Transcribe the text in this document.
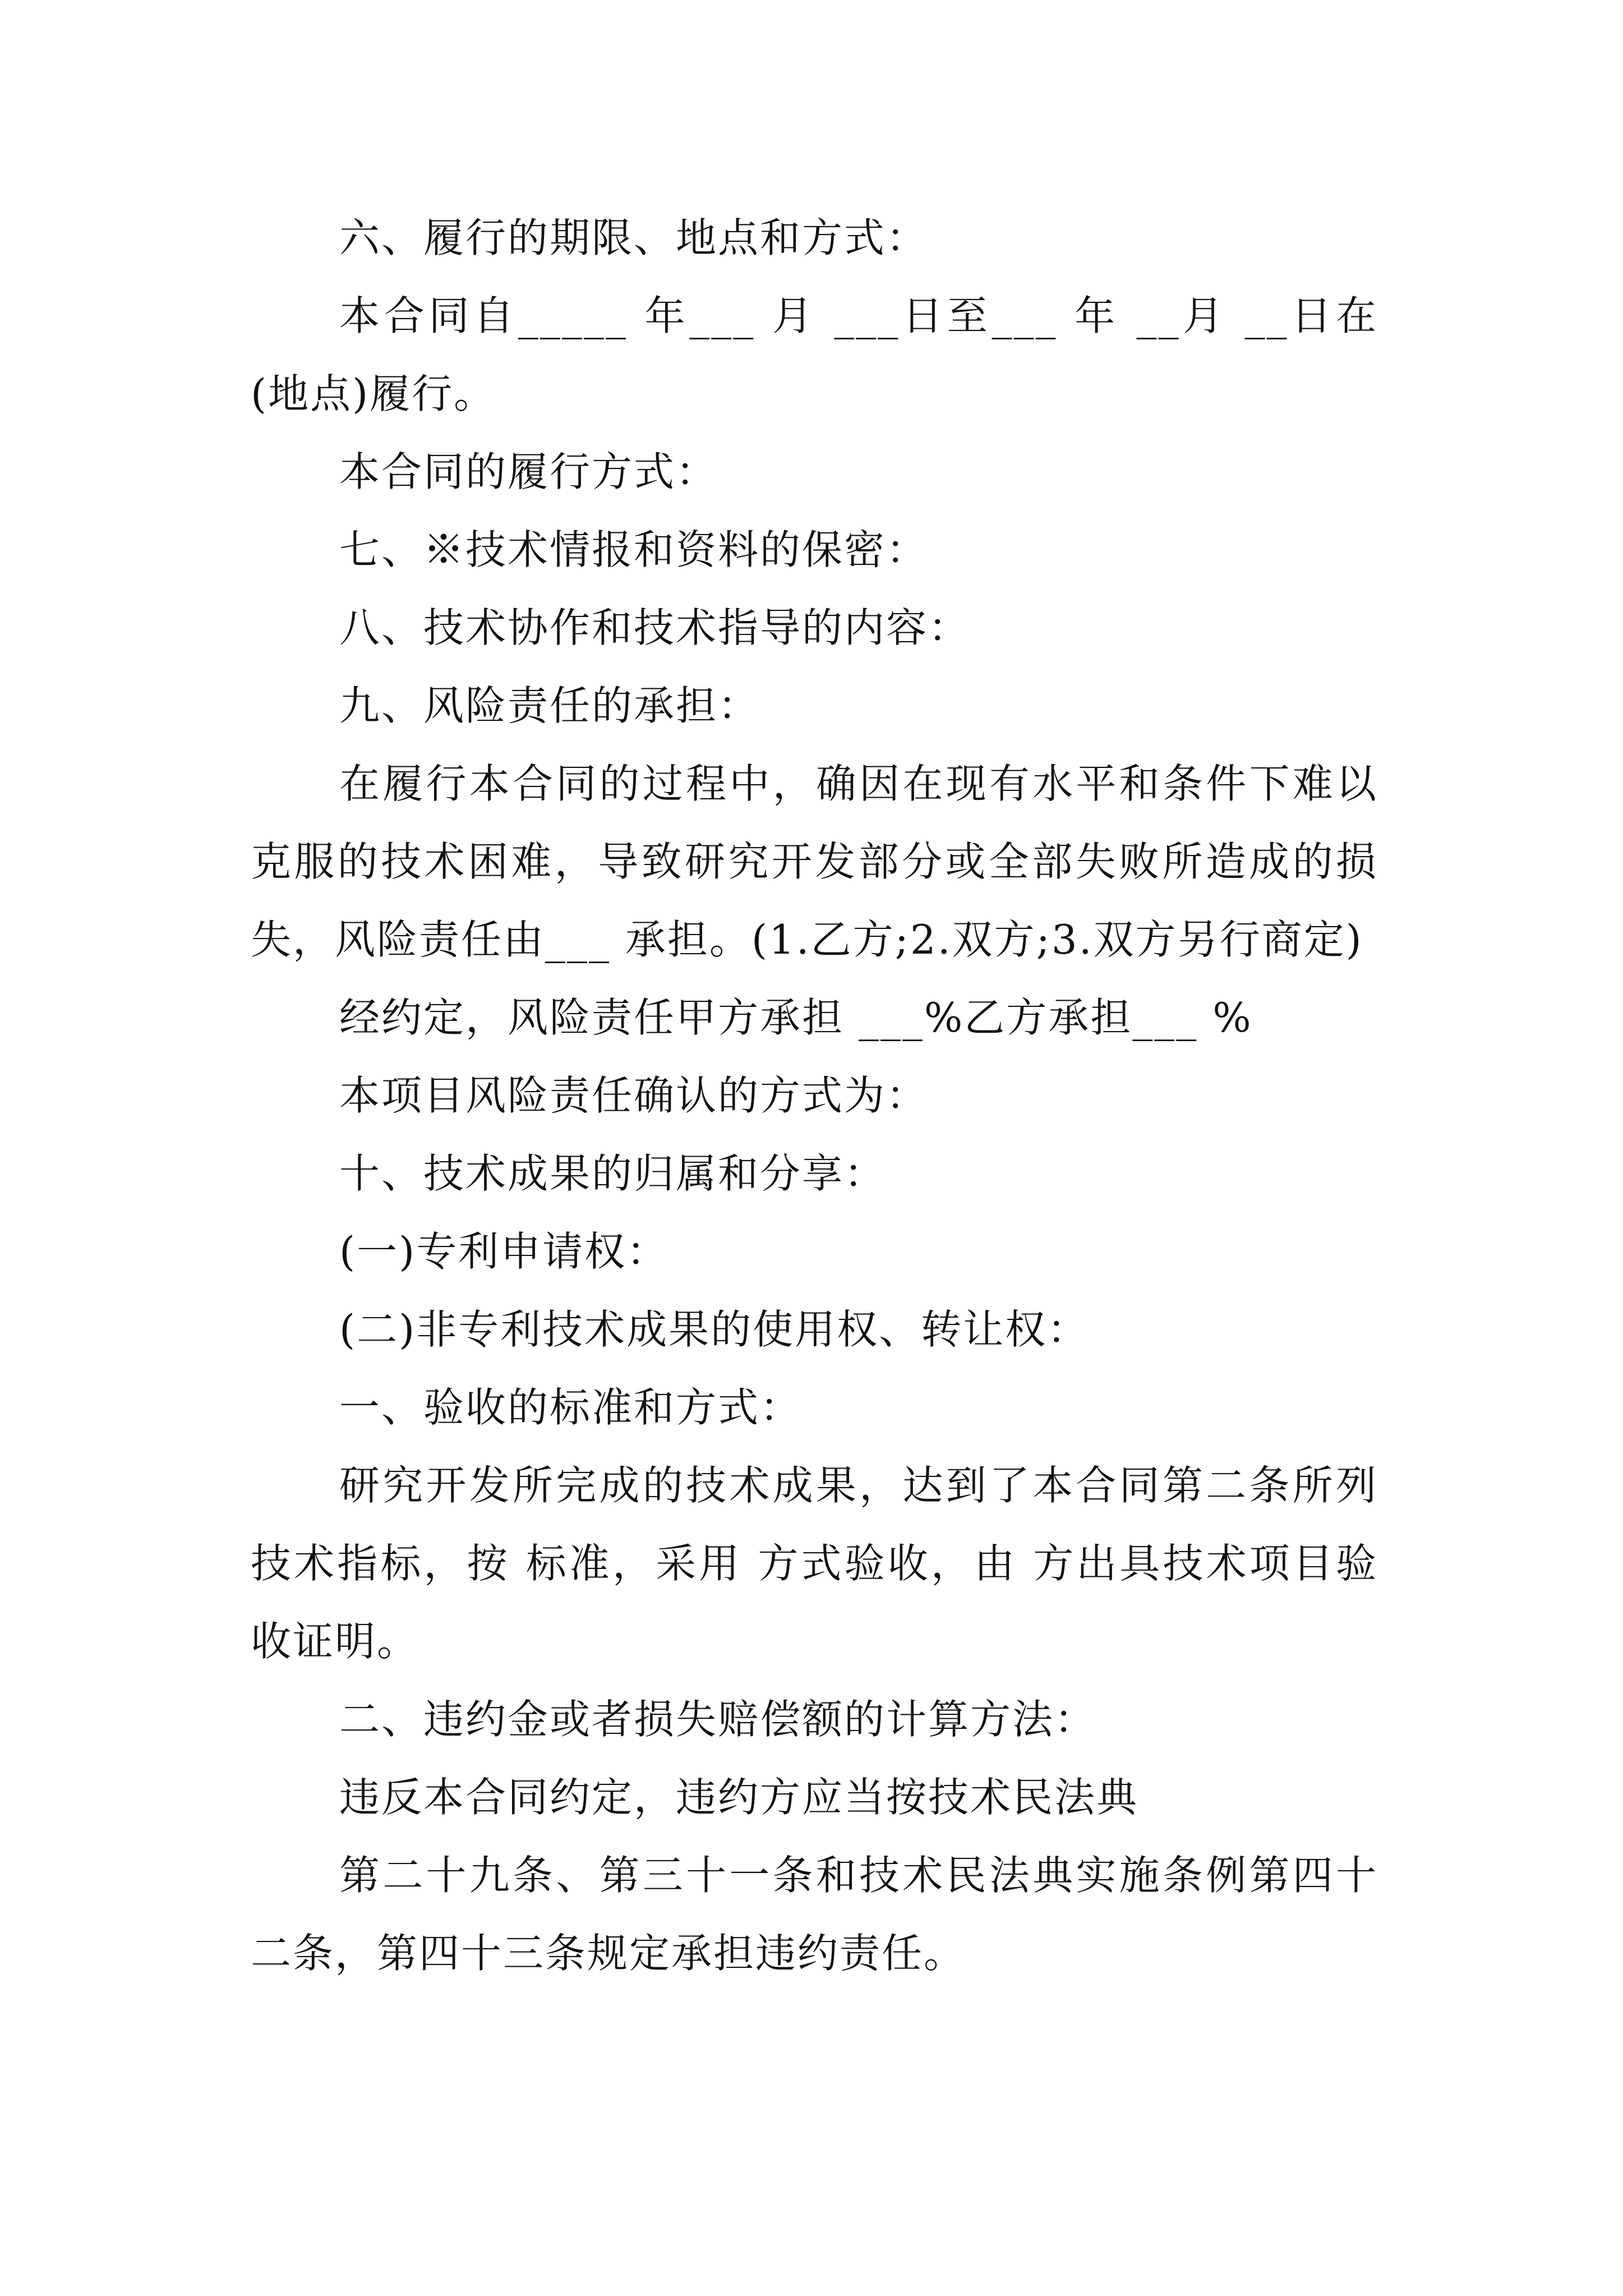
六、履行的期限、地点和方式：

本合同自_____ 年___ 月 ___日至___ 年 __月 __日在(地点)履行。

本合同的履行方式：

七、※技术情报和资料的保密：

八、技术协作和技术指导的内容：

九、风险责任的承担：

在履行本合同的过程中，确因在现有水平和条件下难以克服的技术困难，导致研究开发部分或全部失败所造成的损失，风险责任由___ 承担。(1.乙方;2.双方;3.双方另行商定)

经约定，风险责任甲方承担 ___%乙方承担___ %

本项目风险责任确认的方式为：

十、技术成果的归属和分享：

(一)专利申请权：

(二)非专利技术成果的使用权、转让权：

一、验收的标准和方式：

研究开发所完成的技术成果，达到了本合同第二条所列技术指标，按 标准，采用 方式验收，由 方出具技术项目验收证明。

二、违约金或者损失赔偿额的计算方法：

违反本合同约定，违约方应当按技术民法典

第二十九条、第三十一条和技术民法典实施条例第四十二条，第四十三条规定承担违约责任。
